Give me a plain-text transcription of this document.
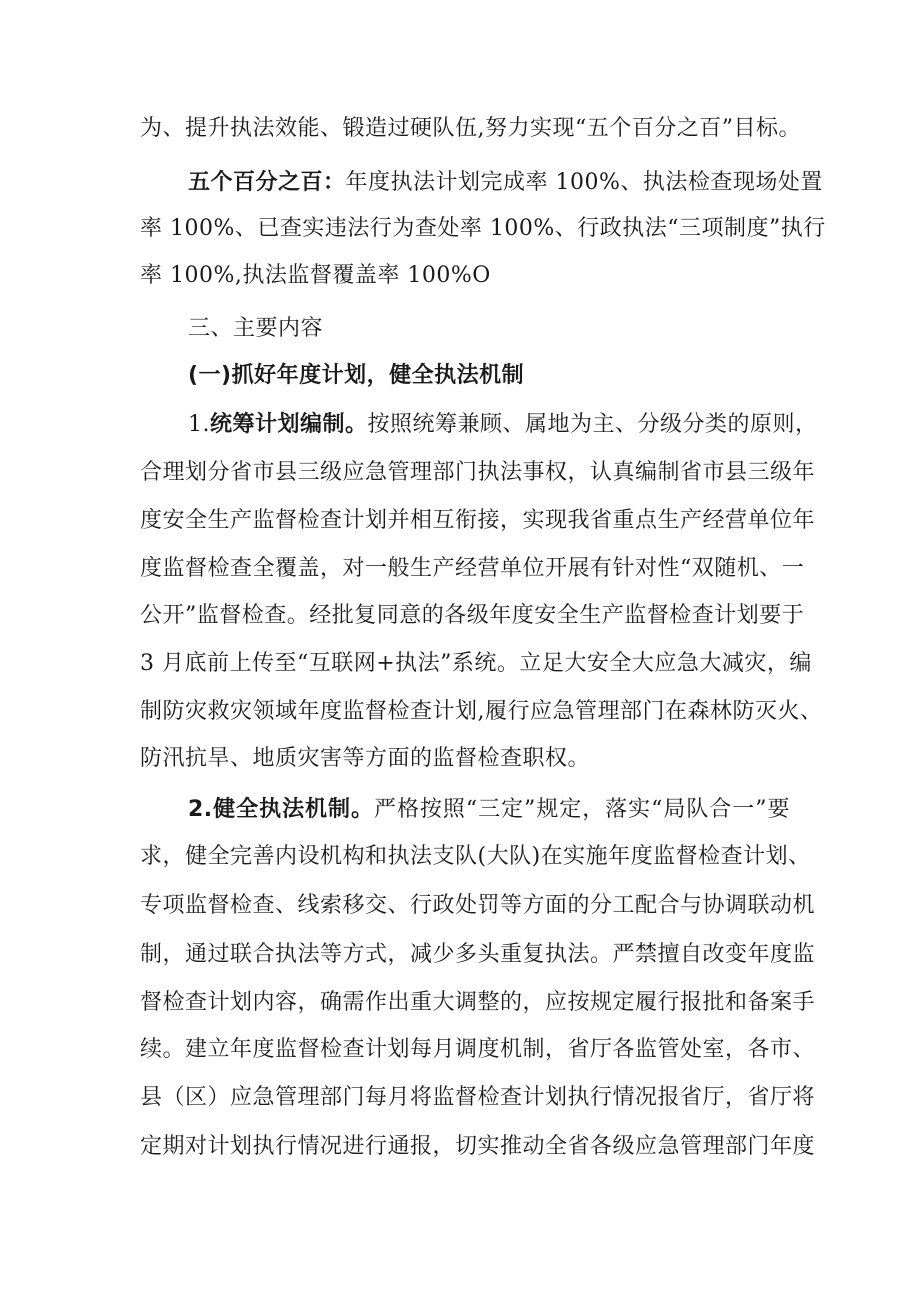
为、提升执法效能、锻造过硬队伍,努力实现“五个百分之百”目标。
五个百分之百：年度执法计划完成率 100%、执法检查现场处置
率 100%、已查实违法行为查处率 100%、行政执法“三项制度”执行
率 100%,执法监督覆盖率 100%O
三、主要内容
(一)抓好年度计划，健全执法机制
1.统筹计划编制。按照统筹兼顾、属地为主、分级分类的原则，
合理划分省市县三级应急管理部门执法事权，认真编制省市县三级年
度安全生产监督检查计划并相互衔接，实现我省重点生产经营单位年
度监督检查全覆盖，对一般生产经营单位开展有针对性“双随机、一
公开”监督检查。经批复同意的各级年度安全生产监督检查计划要于
3 月底前上传至“互联网+执法”系统。立足大安全大应急大减灾，编
制防灾救灾领域年度监督检查计划,履行应急管理部门在森林防灭火、
防汛抗旱、地质灾害等方面的监督检查职权。
2.健全执法机制。严格按照“三定”规定，落实“局队合一”要
求，健全完善内设机构和执法支队(大队)在实施年度监督检查计划、
专项监督检查、线索移交、行政处罚等方面的分工配合与协调联动机
制，通过联合执法等方式，减少多头重复执法。严禁擅自改变年度监
督检查计划内容，确需作出重大调整的，应按规定履行报批和备案手
续。建立年度监督检查计划每月调度机制，省厅各监管处室，各市、
县（区）应急管理部门每月将监督检查计划执行情况报省厅，省厅将
定期对计划执行情况进行通报，切实推动全省各级应急管理部门年度
